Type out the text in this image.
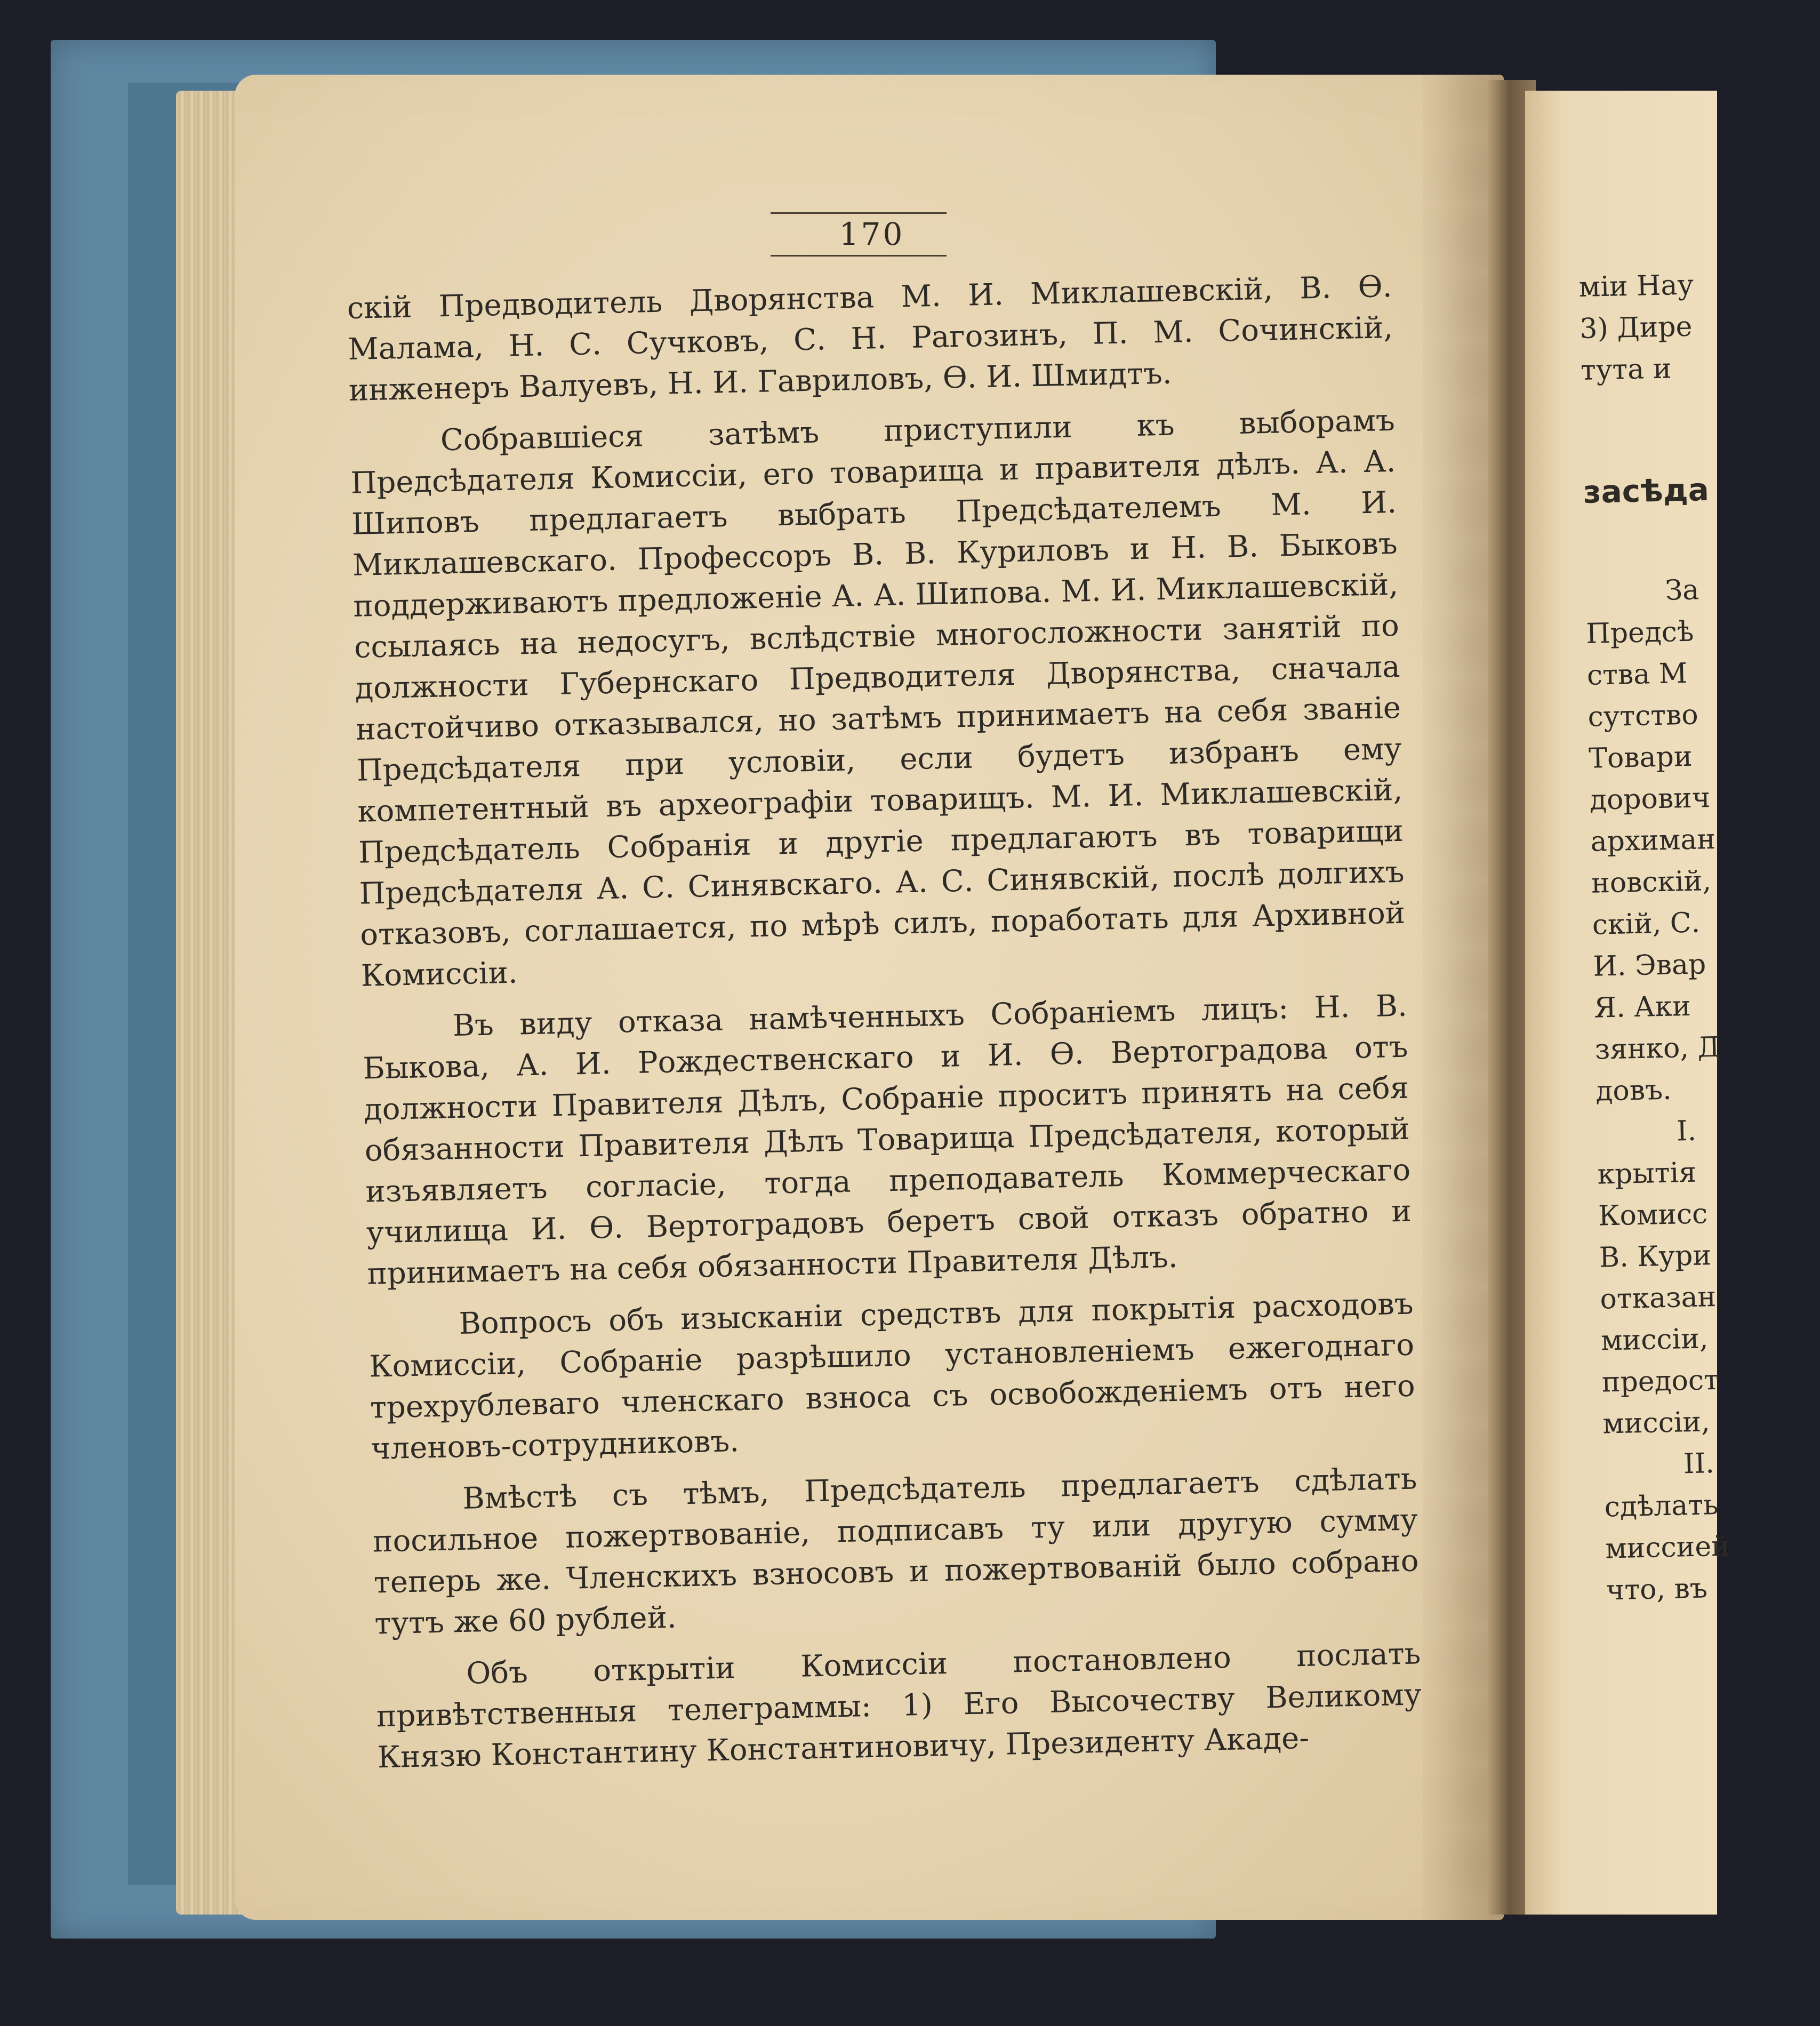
170

скій Предводитель Дворянства М. И. Миклашевскій, В. Ѳ. Малама, Н. С. Сучковъ, С. Н. Рагозинъ, П. М. Сочинскій, инженеръ Валуевъ, Н. И. Гавриловъ, Ѳ. И. Шмидтъ.

Собравшіеся затѣмъ приступили къ выборамъ Предсѣдателя Комиссіи, его товарища и правителя дѣлъ. А. А. Шиповъ предлагаетъ выбрать Предсѣдателемъ М. И. Миклашевскаго. Профессоръ В. В. Куриловъ и Н. В. Быковъ поддерживаютъ предложеніе А. А. Шипова. М. И. Миклашевскій, ссылаясь на недосугъ, вслѣдствіе многосложности занятій по должности Губернскаго Предводителя Дворянства, сначала настойчиво отказывался, но затѣмъ принимаетъ на себя званіе Предсѣдателя при условіи, если будетъ избранъ ему компетентный въ археографіи товарищъ. М. И. Миклашевскій, Предсѣдатель Собранія и другіе предлагаютъ въ товарищи Предсѣдателя А. С. Синявскаго. А. С. Синявскій, послѣ долгихъ отказовъ, соглашается, по мѣрѣ силъ, поработать для Архивной Комиссіи.

Въ виду отказа намѣченныхъ Собраніемъ лицъ: Н. В. Быкова, А. И. Рождественскаго и И. Ѳ. Вертоградова отъ должности Правителя Дѣлъ, Собраніе проситъ принять на себя обязанности Правителя Дѣлъ Товарища Предсѣдателя, который изъявляетъ согласіе, тогда преподаватель Коммерческаго училища И. Ѳ. Вертоградовъ беретъ свой отказъ обратно и принимаетъ на себя обязанности Правителя Дѣлъ.

Вопросъ объ изысканіи средствъ для покрытія расходовъ Комиссіи, Собраніе разрѣшило установленіемъ ежегоднаго трехрублеваго членскаго взноса съ освобожденіемъ отъ него членовъ-сотрудниковъ.

Вмѣстѣ съ тѣмъ, Предсѣдатель предлагаетъ сдѣлать посильное пожертвованіе, подписавъ ту или другую сумму теперь же. Членскихъ взносовъ и пожертвованій было собрано тутъ же 60 рублей.

Объ открытіи Комиссіи постановлено послать привѣтственныя телеграммы: 1) Его Высочеству Великому Князю Константину Константиновичу, Президенту Акаде-

міи Нау
3) Дире
тута и
засѣда
За
Предсѣ
ства М
сутство
Товари
дорович
архиман
новскій,
скій, С.
И. Эвар
Я. Аки
зянко, Д
довъ.
I.
крытія
Комисс
В. Кури
отказан
миссіи,
предост
миссіи,
II.
сдѣлать
миссией
что, въ
